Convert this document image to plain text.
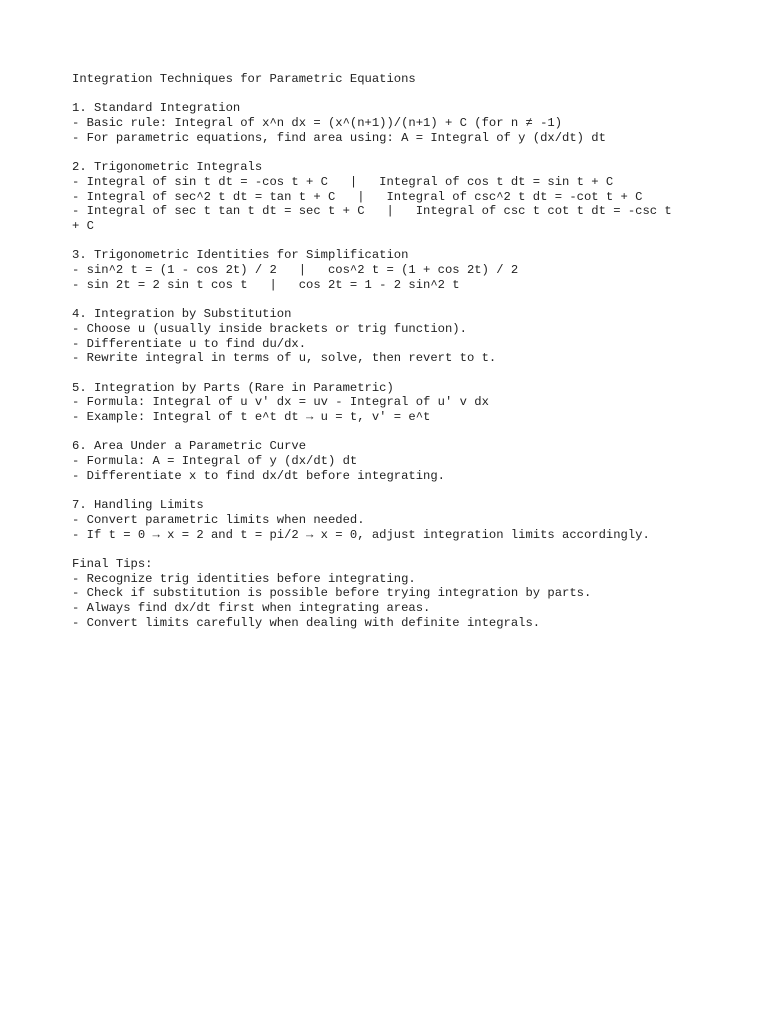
Integration Techniques for Parametric Equations
1. Standard Integration
- Basic rule: Integral of x^n dx = (x^(n+1))/(n+1) + C (for n ≠ -1)
- For parametric equations, find area using: A = Integral of y (dx/dt) dt
2. Trigonometric Integrals
- Integral of sin t dt = -cos t + C   |   Integral of cos t dt = sin t + C
- Integral of sec^2 t dt = tan t + C   |   Integral of csc^2 t dt = -cot t + C
- Integral of sec t tan t dt = sec t + C   |   Integral of csc t cot t dt = -csc t
+ C
3. Trigonometric Identities for Simplification
- sin^2 t = (1 - cos 2t) / 2   |   cos^2 t = (1 + cos 2t) / 2
- sin 2t = 2 sin t cos t   |   cos 2t = 1 - 2 sin^2 t
4. Integration by Substitution
- Choose u (usually inside brackets or trig function).
- Differentiate u to find du/dx.
- Rewrite integral in terms of u, solve, then revert to t.
5. Integration by Parts (Rare in Parametric)
- Formula: Integral of u v' dx = uv - Integral of u' v dx
- Example: Integral of t e^t dt → u = t, v' = e^t
6. Area Under a Parametric Curve
- Formula: A = Integral of y (dx/dt) dt
- Differentiate x to find dx/dt before integrating.
7. Handling Limits
- Convert parametric limits when needed.
- If t = 0 → x = 2 and t = pi/2 → x = 0, adjust integration limits accordingly.
Final Tips:
- Recognize trig identities before integrating.
- Check if substitution is possible before trying integration by parts.
- Always find dx/dt first when integrating areas.
- Convert limits carefully when dealing with definite integrals.
